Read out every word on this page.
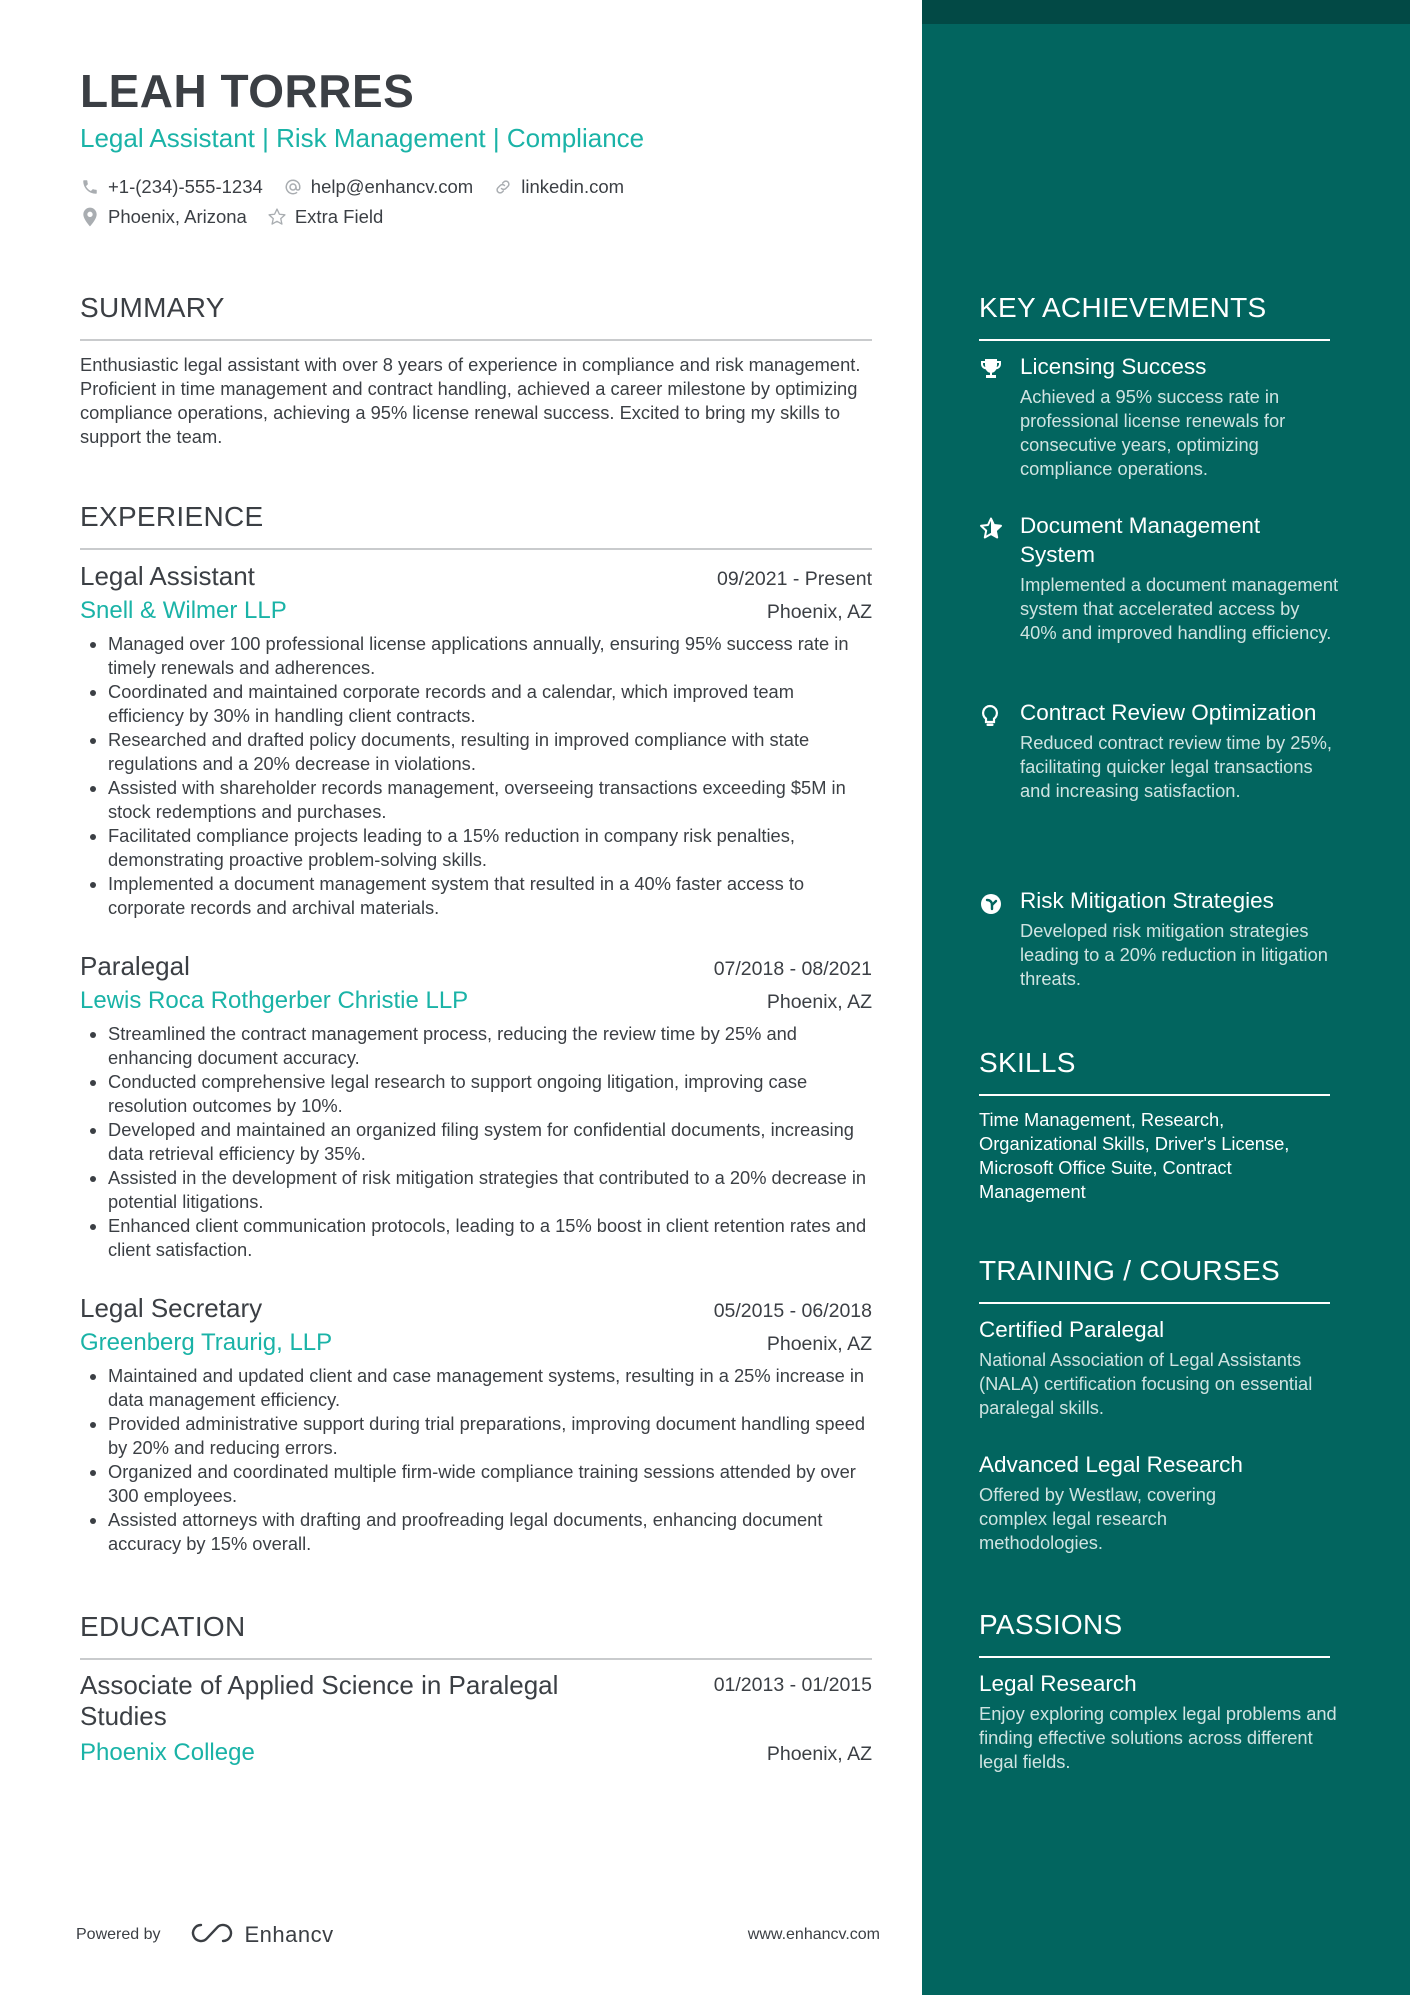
LEAH TORRES
Legal Assistant | Risk Management | Compliance
+1-(234)-555-1234	help@enhancv.com	linkedin.com
Phoenix, Arizona	Extra Field
SUMMARY

Enthusiastic legal assistant with over 8 years of experience in compliance and risk management. Proficient in time management and contract handling, achieved a career milestone by optimizing compliance operations, achieving a 95% license renewal success. Excited to bring my skills to support the team.

EXPERIENCE
Legal Assistant	09/2021 - Present
Snell & Wilmer LLP	Phoenix, AZ
• Managed over 100 professional license applications annually, ensuring 95% success rate in timely renewals and adherences.
• Coordinated and maintained corporate records and a calendar, which improved team efficiency by 30% in handling client contracts.
• Researched and drafted policy documents, resulting in improved compliance with state regulations and a 20% decrease in violations.
• Assisted with shareholder records management, overseeing transactions exceeding $5M in stock redemptions and purchases.
• Facilitated compliance projects leading to a 15% reduction in company risk penalties, demonstrating proactive problem-solving skills.
• Implemented a document management system that resulted in a 40% faster access to corporate records and archival materials.
Paralegal	07/2018 - 08/2021
Lewis Roca Rothgerber Christie LLP	Phoenix, AZ
• Streamlined the contract management process, reducing the review time by 25% and enhancing document accuracy.
• Conducted comprehensive legal research to support ongoing litigation, improving case resolution outcomes by 10%.
• Developed and maintained an organized filing system for confidential documents, increasing data retrieval efficiency by 35%.
• Assisted in the development of risk mitigation strategies that contributed to a 20% decrease in potential litigations.
• Enhanced client communication protocols, leading to a 15% boost in client retention rates and client satisfaction.
Legal Secretary	05/2015 - 06/2018
Greenberg Traurig, LLP	Phoenix, AZ
• Maintained and updated client and case management systems, resulting in a 25% increase in data management efficiency.
• Provided administrative support during trial preparations, improving document handling speed by 20% and reducing errors.
• Organized and coordinated multiple firm-wide compliance training sessions attended by over 300 employees.
• Assisted attorneys with drafting and proofreading legal documents, enhancing document accuracy by 15% overall.
EDUCATION
Associate of Applied Science in Paralegal Studies
01/2013 - 01/2015
Phoenix College	Phoenix, AZ
Powered by	Enhancv	www.enhancv.com
KEY ACHIEVEMENTS
Licensing Success
Achieved a 95% success rate in professional license renewals for consecutive years, optimizing compliance operations.
Document Management System
Implemented a document management system that accelerated access by 40% and improved handling efficiency.
Contract Review Optimization
Reduced contract review time by 25%, facilitating quicker legal transactions and increasing satisfaction.
Risk Mitigation Strategies
Developed risk mitigation strategies leading to a 20% reduction in litigation threats.
SKILLS
Time Management, Research, Organizational Skills, Driver's License, Microsoft Office Suite, Contract Management
TRAINING / COURSES
Certified Paralegal
National Association of Legal Assistants (NALA) certification focusing on essential paralegal skills.
Advanced Legal Research
Offered by Westlaw, covering complex legal research methodologies.
PASSIONS
Legal Research
Enjoy exploring complex legal problems and finding effective solutions across different legal fields.
